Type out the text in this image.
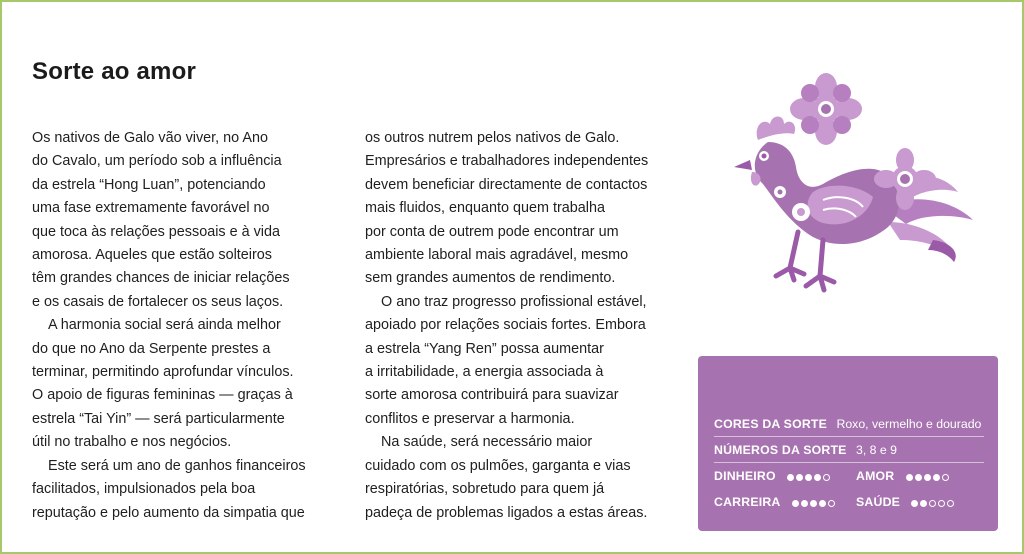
Sorte ao amor
Os nativos de Galo vão viver, no Ano
do Cavalo, um período sob a influência
da estrela “Hong Luan”, potenciando
uma fase extremamente favorável no
que toca às relações pessoais e à vida
amorosa. Aqueles que estão solteiros
têm grandes chances de iniciar relações
e os casais de fortalecer os seus laços.
A harmonia social será ainda melhor
do que no Ano da Serpente prestes a
terminar, permitindo aprofundar vínculos.
O apoio de figuras femininas — graças à
estrela “Tai Yin” — será particularmente
útil no trabalho e nos negócios.
Este será um ano de ganhos financeiros
facilitados, impulsionados pela boa
reputação e pelo aumento da simpatia que
os outros nutrem pelos nativos de Galo.
Empresários e trabalhadores independentes
devem beneficiar directamente de contactos
mais fluidos, enquanto quem trabalha
por conta de outrem pode encontrar um
ambiente laboral mais agradável, mesmo
sem grandes aumentos de rendimento.
O ano traz progresso profissional estável,
apoiado por relações sociais fortes. Embora
a estrela “Yang Ren” possa aumentar
a irritabilidade, a energia associada à
sorte amorosa contribuirá para suavizar
conflitos e preservar a harmonia.
Na saúde, será necessário maior
cuidado com os pulmões, garganta e vias
respiratórias, sobretudo para quem já
padeça de problemas ligados a estas áreas.
CORES DA SORTE Roxo, vermelho e dourado
NÚMEROS DA SORTE 3, 8 e 9
DINHEIRO	AMOR
CARREIRA	SAÚDE
